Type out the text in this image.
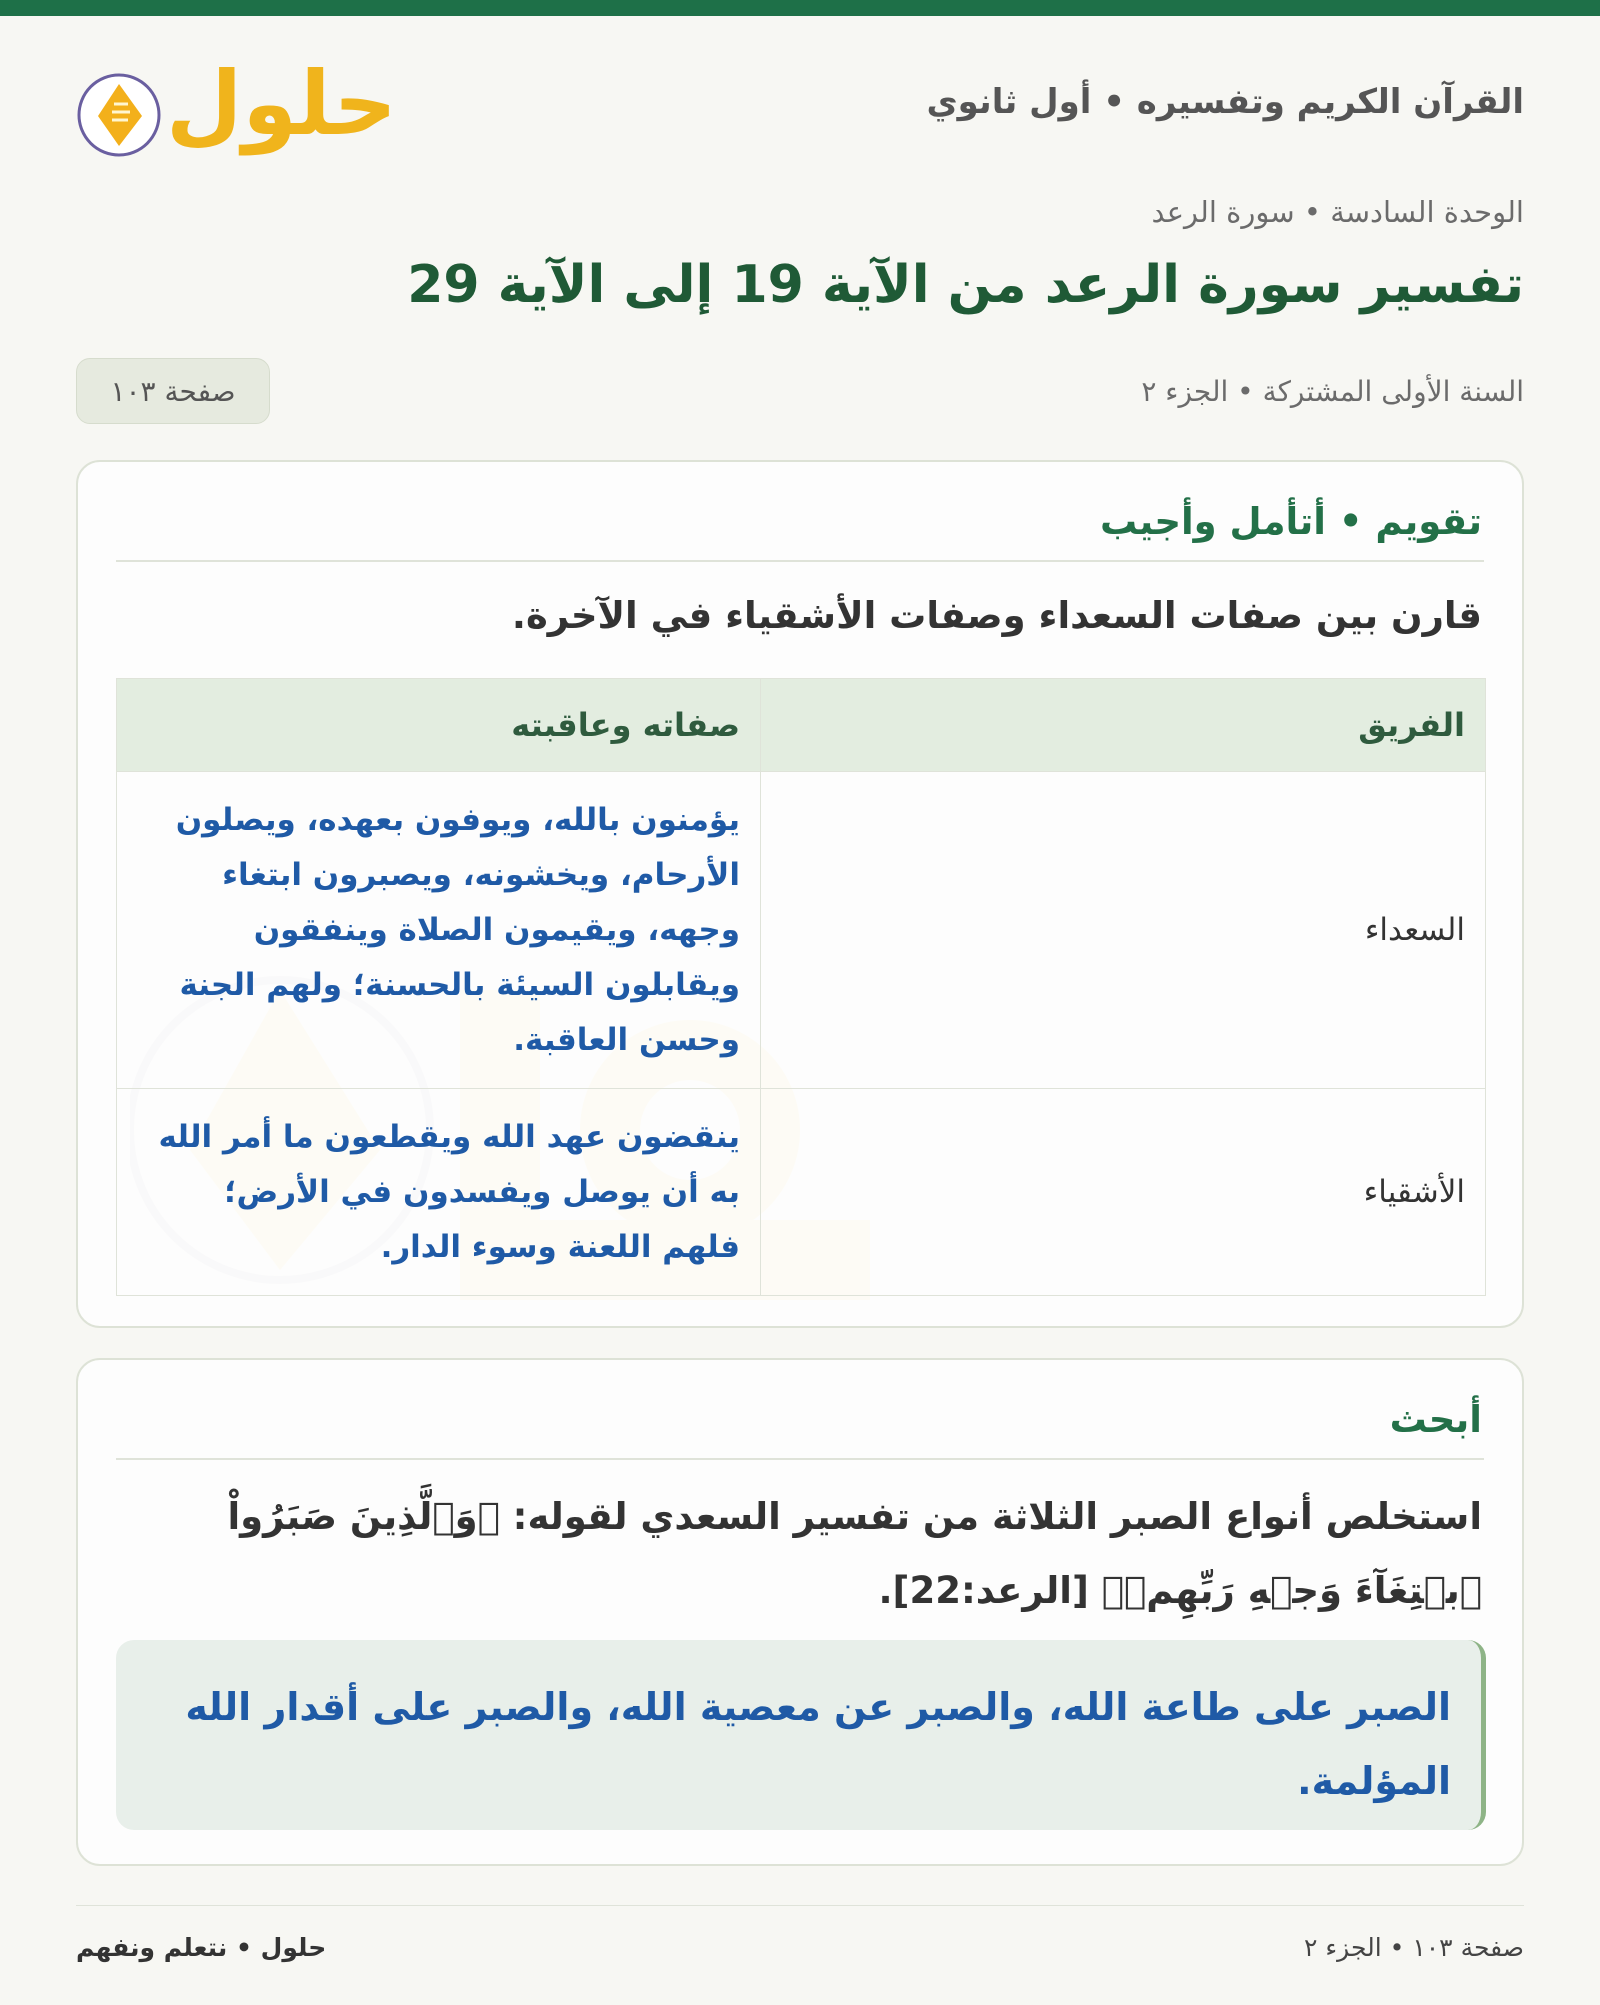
القرآن الكريم وتفسيره • أول ثانوي
حلول
الوحدة السادسة • سورة الرعد
تفسير سورة الرعد من الآية 19 إلى الآية 29
السنة الأولى المشتركة • الجزء ٢
صفحة ١٠٣
تقويم • أتأمل وأجيب
قارن بين صفات السعداء وصفات الأشقياء في الآخرة.
الفريق	صفاته وعاقبته
السعداء	يؤمنون بالله، ويوفون بعهده، ويصلون الأرحام، ويخشونه، ويصبرون ابتغاء وجهه، ويقيمون الصلاة وينفقون ويقابلون السيئة بالحسنة؛ ولهم الجنة وحسن العاقبة.
الأشقياء	ينقضون عهد الله ويقطعون ما أمر الله به أن يوصل ويفسدون في الأرض؛ فلهم اللعنة وسوء الدار.
أبحث
استخلص أنواع الصبر الثلاثة من تفسير السعدي لقوله: ﴿وَٱلَّذِينَ صَبَرُواْ ٱبۡتِغَآءَ وَجۡهِ رَبِّهِمۡ﴾ [الرعد:22].
الصبر على طاعة الله، والصبر عن معصية الله، والصبر على أقدار الله المؤلمة.
صفحة ١٠٣ • الجزء ٢
حلول • نتعلم ونفهم
